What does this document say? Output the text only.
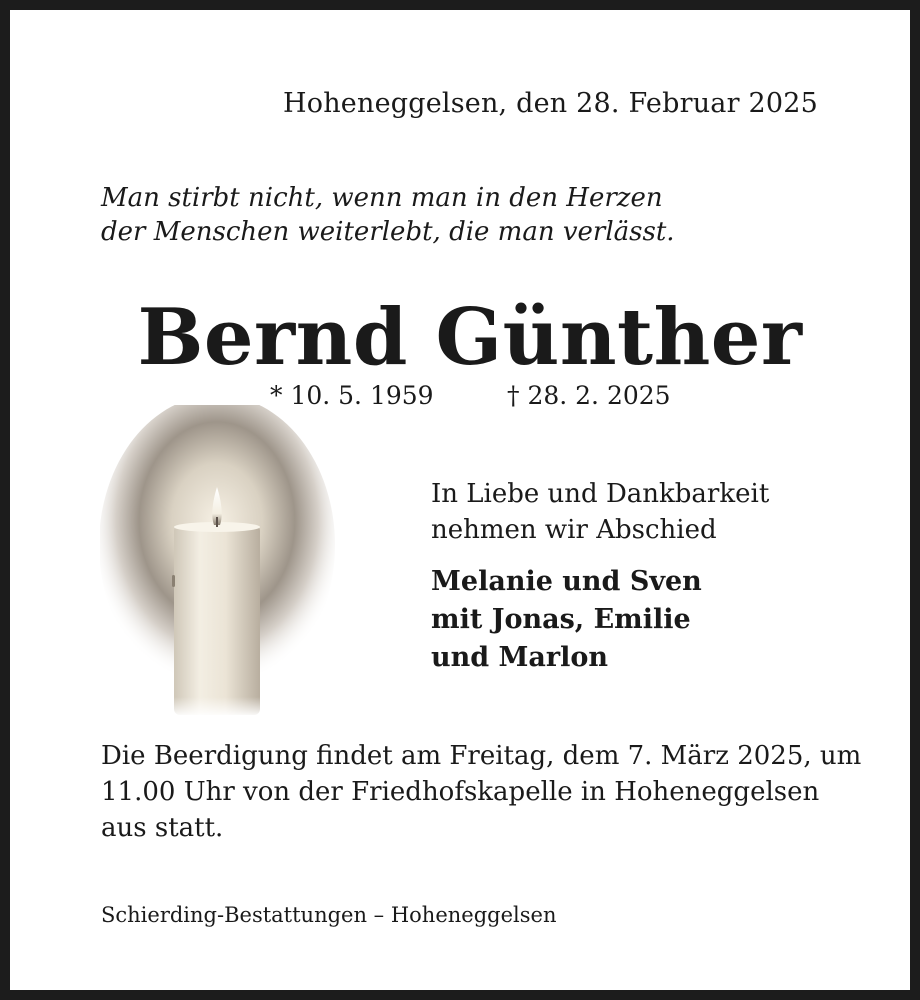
Hoheneggelsen, den 28. Februar 2025

Man stirbt nicht, wenn man in den Herzen
der Menschen weiterlebt, die man verlässt.
Bernd Günther
* 10. 5. 1959	† 28. 2. 2025
In Liebe und Dankbarkeit
nehmen wir Abschied
Melanie und Sven
mit Jonas, Emilie
und Marlon
Die Beerdigung findet am Freitag, dem 7. März 2025, um
11.00 Uhr von der Friedhofskapelle in Hoheneggelsen
aus statt.
Schierding-Bestattungen – Hoheneggelsen
